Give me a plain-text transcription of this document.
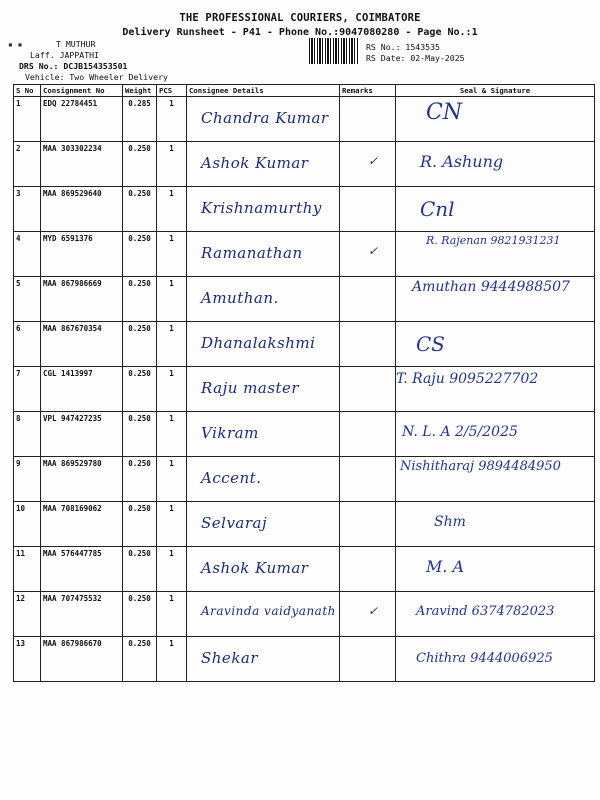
THE PROFESSIONAL COURIERS, COIMBATORE
Delivery Runsheet - P41 - Phone No.:9047080280 - Page No.:1
▪ ▪	T MUTHUR
Laff. JAPPATHI
DRS No.: DCJB154353501
Vehicle: Two Wheeler Delivery
RS No.: 1543535
RS Date: 02-May-2025
S No	Consignment No	Weight	PCS	Consignee Details	Remarks	Seal & Signature
1	EDQ 22784451	0.285	1	Chandra Kumar		CN

2	MAA 303302234	0.250	1	Ashok Kumar	✓	R. Ashung

3	MAA 869529640	0.250	1	Krishnamurthy		Cnl

4	MYD 6591376	0.250	1	Ramanathan	✓	R. Rajenan 9821931231

5	MAA 867986669	0.250	1	Amuthan.		Amuthan 9444988507

6	MAA 867670354	0.250	1	Dhanalakshmi		CS

7	CGL 1413997	0.250	1	Raju master		T. Raju 9095227702

8	VPL 947427235	0.250	1	Vikram		N. L. A 2/5/2025

9	MAA 869529780	0.250	1	Accent.		Nishitharaj 9894484950

10	MAA 708169062	0.250	1	Selvaraj		Shm

11	MAA 576447785	0.250	1	Ashok Kumar		M. A

12	MAA 707475532	0.250	1	Aravinda vaidyanath	✓	Aravind 6374782023

13	MAA 867986670	0.250	1	Shekar		Chithra 9444006925
